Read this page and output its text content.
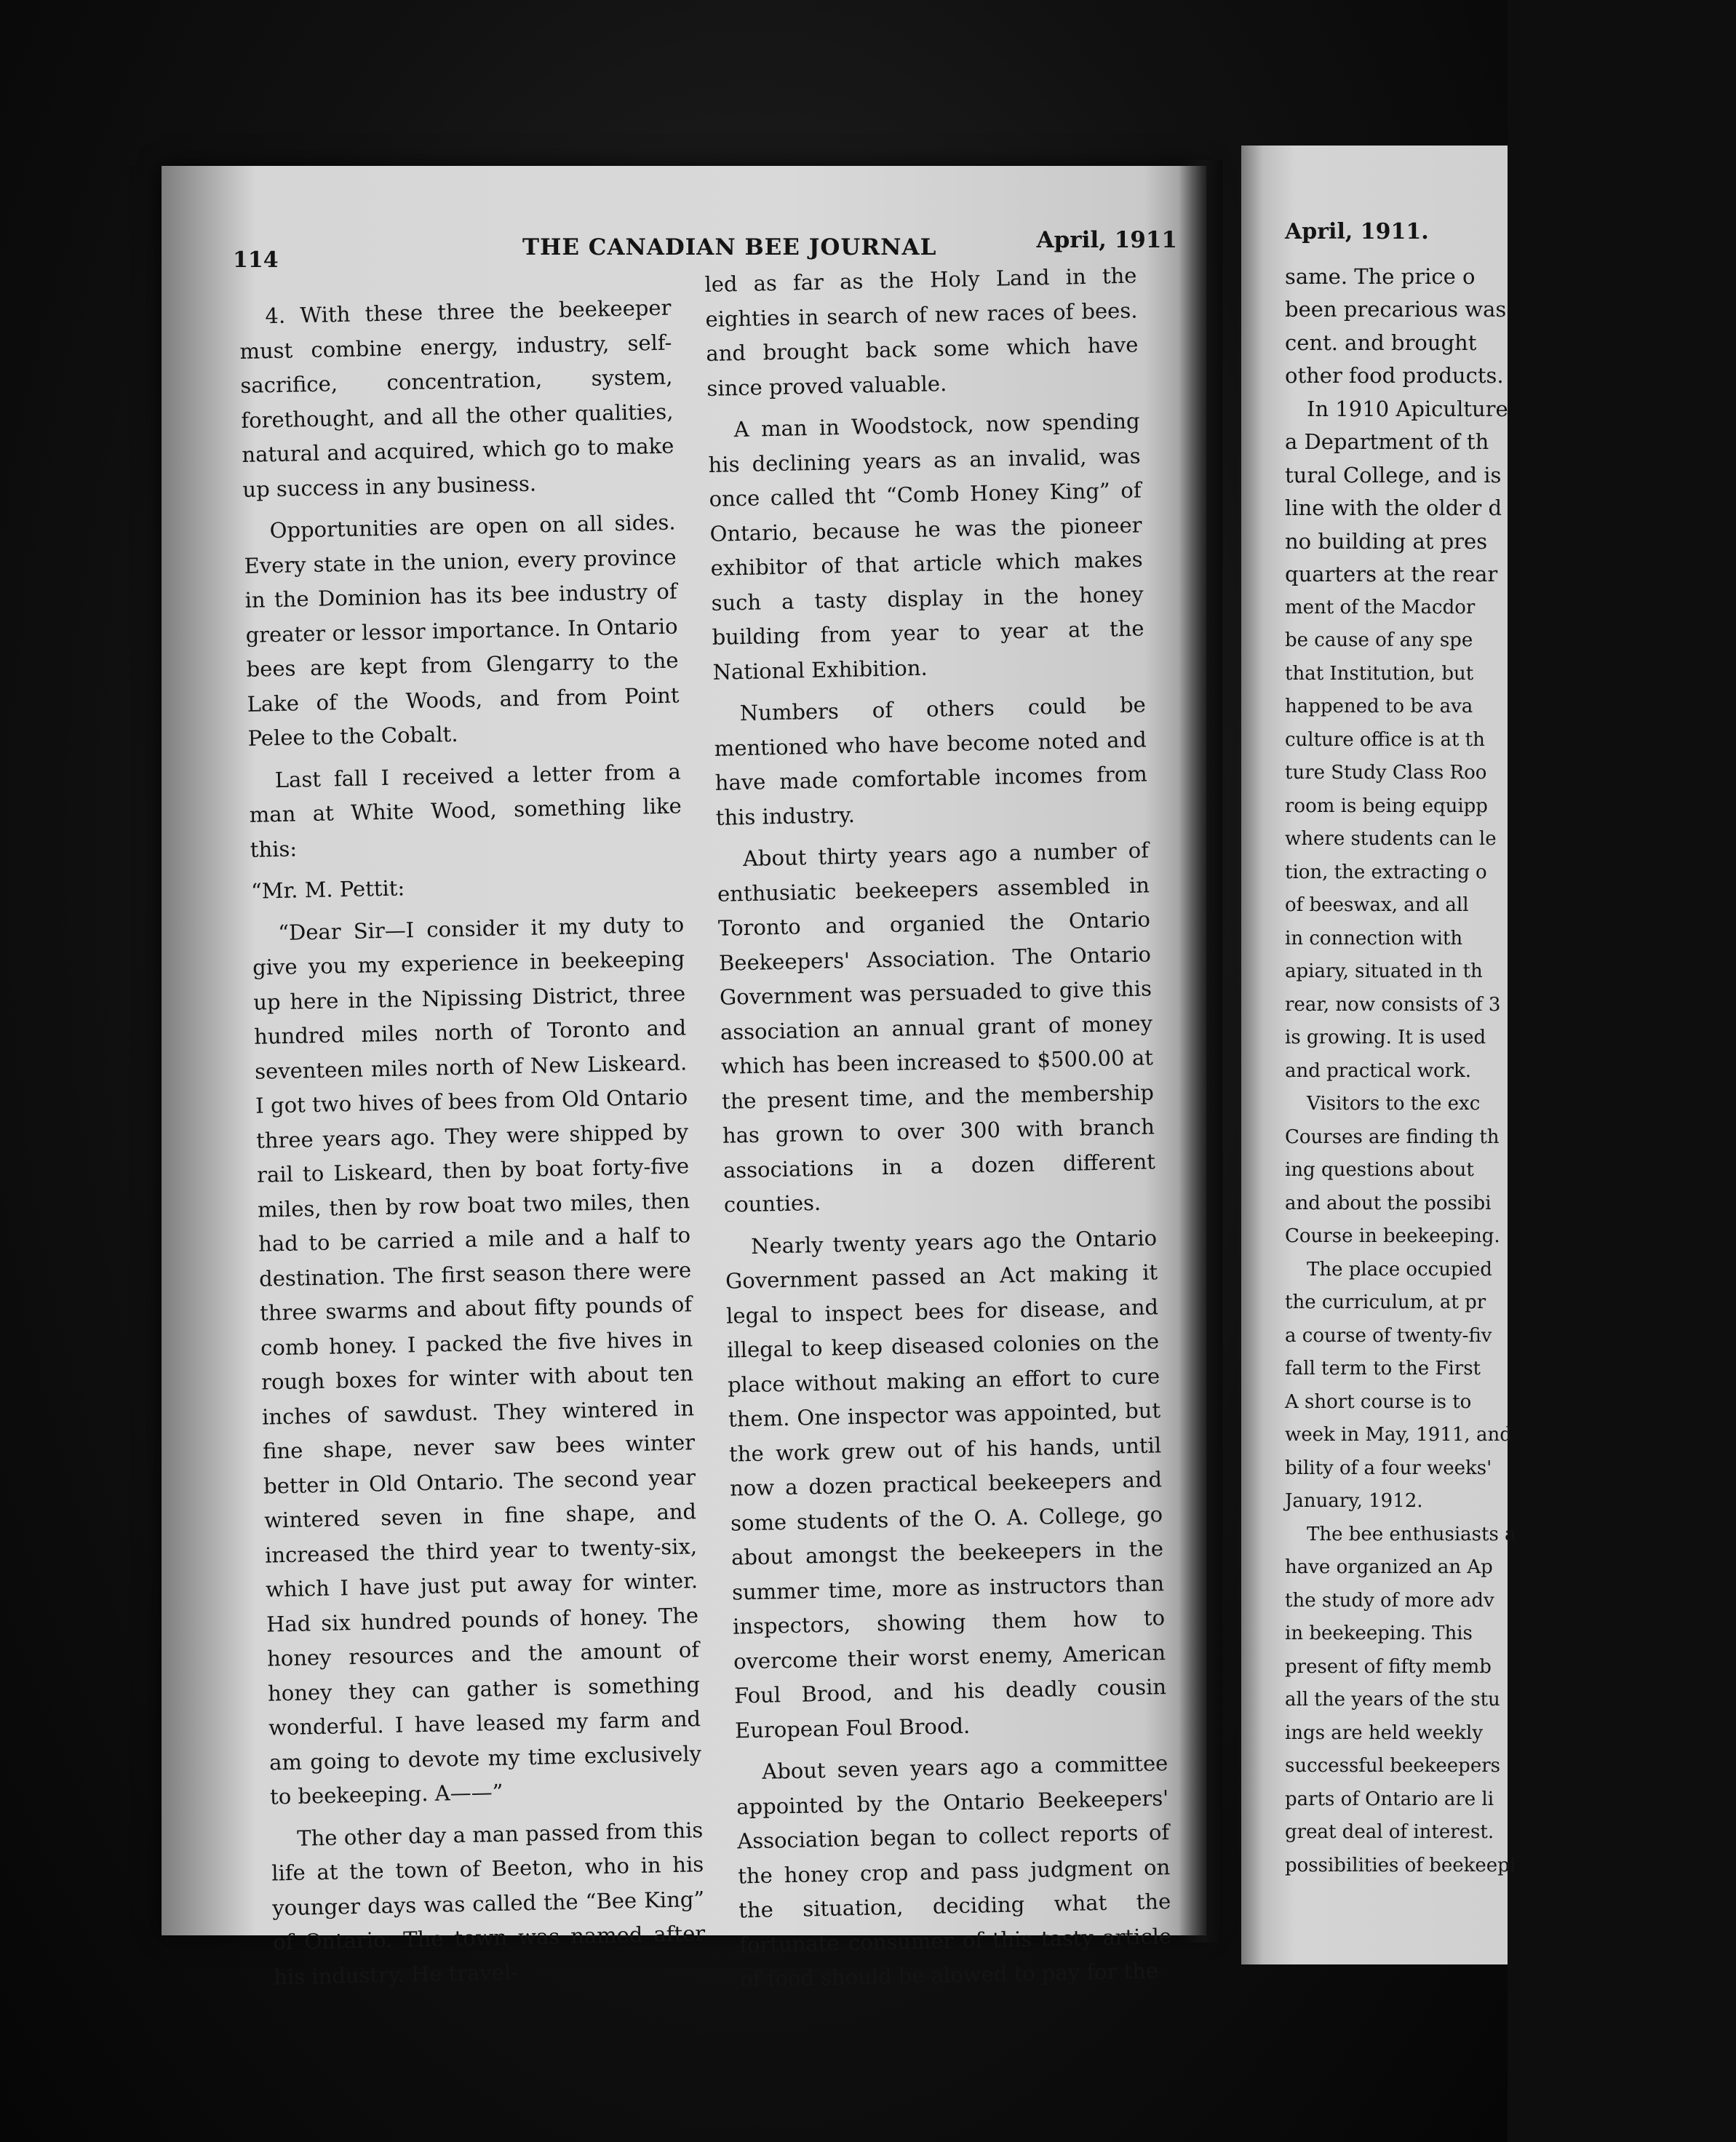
114	THE CANADIAN BEE JOURNAL	April, 1911

4. With these three the beekeeper must combine energy, industry, self-sacrifice, concentration, system, forethought, and all the other qualities, natural and acquired, which go to make up success in any business.

Opportunities are open on all sides. Every state in the union, every province in the Dominion has its bee industry of greater or lessor importance. In Ontario bees are kept from Glengarry to the Lake of the Woods, and from Point Pelee to the Cobalt.

Last fall I received a letter from a man at White Wood, something like this:

“Mr. M. Pettit:

“Dear Sir—I consider it my duty to give you my experience in beekeeping up here in the Nipissing District, three hundred miles north of Toronto and seventeen miles north of New Liskeard. I got two hives of bees from Old Ontario three years ago. They were shipped by rail to Liskeard, then by boat forty-five miles, then by row boat two miles, then had to be carried a mile and a half to destination. The first season there were three swarms and about fifty pounds of comb honey. I packed the five hives in rough boxes for winter with about ten inches of sawdust. They wintered in fine shape, never saw bees winter better in Old Ontario. The second year wintered seven in fine shape, and increased the third year to twenty-six, which I have just put away for winter. Had six hundred pounds of honey. The honey resources and the amount of honey they can gather is something wonderful. I have leased my farm and am going to devote my time exclusively to beekeeping. A——”

The other day a man passed from this life at the town of Beeton, who in his younger days was called the “Bee King” of Ontario. The town was named after his industry. He travel-

led as far as the Holy Land in the eighties in search of new races of bees. and brought back some which have since proved valuable.

A man in Woodstock, now spending his declining years as an invalid, was once called tht “Comb Honey King” of Ontario, because he was the pioneer exhibitor of that article which makes such a tasty display in the honey building from year to year at the National Exhibition.

Numbers of others could be mentioned who have become noted and have made comfortable incomes from this industry.

About thirty years ago a number of enthusiatic beekeepers assembled in Toronto and organied the Ontario Beekeepers' Association. The Ontario Government was persuaded to give this association an annual grant of money which has been increased to $500.00 at the present time, and the membership has grown to over 300 with branch associations in a dozen different counties.

Nearly twenty years ago the Ontario Government passed an Act making it legal to inspect bees for disease, and illegal to keep diseased colonies on the place without making an effort to cure them. One inspector was appointed, but the work grew out of his hands, until now a dozen practical beekeepers and some students of the O. A. College, go about amongst the beekeepers in the summer time, more as instructors than inspectors, showing them how to overcome their worst enemy, American Foul Brood, and his deadly cousin European Foul Brood.

About seven years ago a committee appointed by the Ontario Beekeepers' Association began to collect reports of the honey crop and pass judgment on the situation, deciding what the fortunate consumer of this tasty article of food should be alowed to pay for the

April, 1911.
same. The price o
been precarious was
cent. and brought
other food products.
In 1910 Apiculture
a Department of th
tural College, and is
line with the older d
no building at pres
quarters at the rear
ment of the Macdor
be cause of any spe
that Institution, but
happened to be ava
culture office is at th
ture Study Class Roo
room is being equipp
where students can le
tion, the extracting o
of beeswax, and all
in connection with
apiary, situated in th
rear, now consists of 3
is growing. It is used
and practical work.
Visitors to the exc
Courses are finding th
ing questions about
and about the possibi
Course in beekeeping.
The place occupied
the curriculum, at pr
a course of twenty-fiv
fall term to the First
A short course is to
week in May, 1911, and
bility of a four weeks'
January, 1912.
The bee enthusiasts a
have organized an Ap
the study of more adv
in beekeeping. This
present of fifty memb
all the years of the stu
ings are held weekly
successful beekeepers
parts of Ontario are li
great deal of interest.
possibilities of beekeepi
